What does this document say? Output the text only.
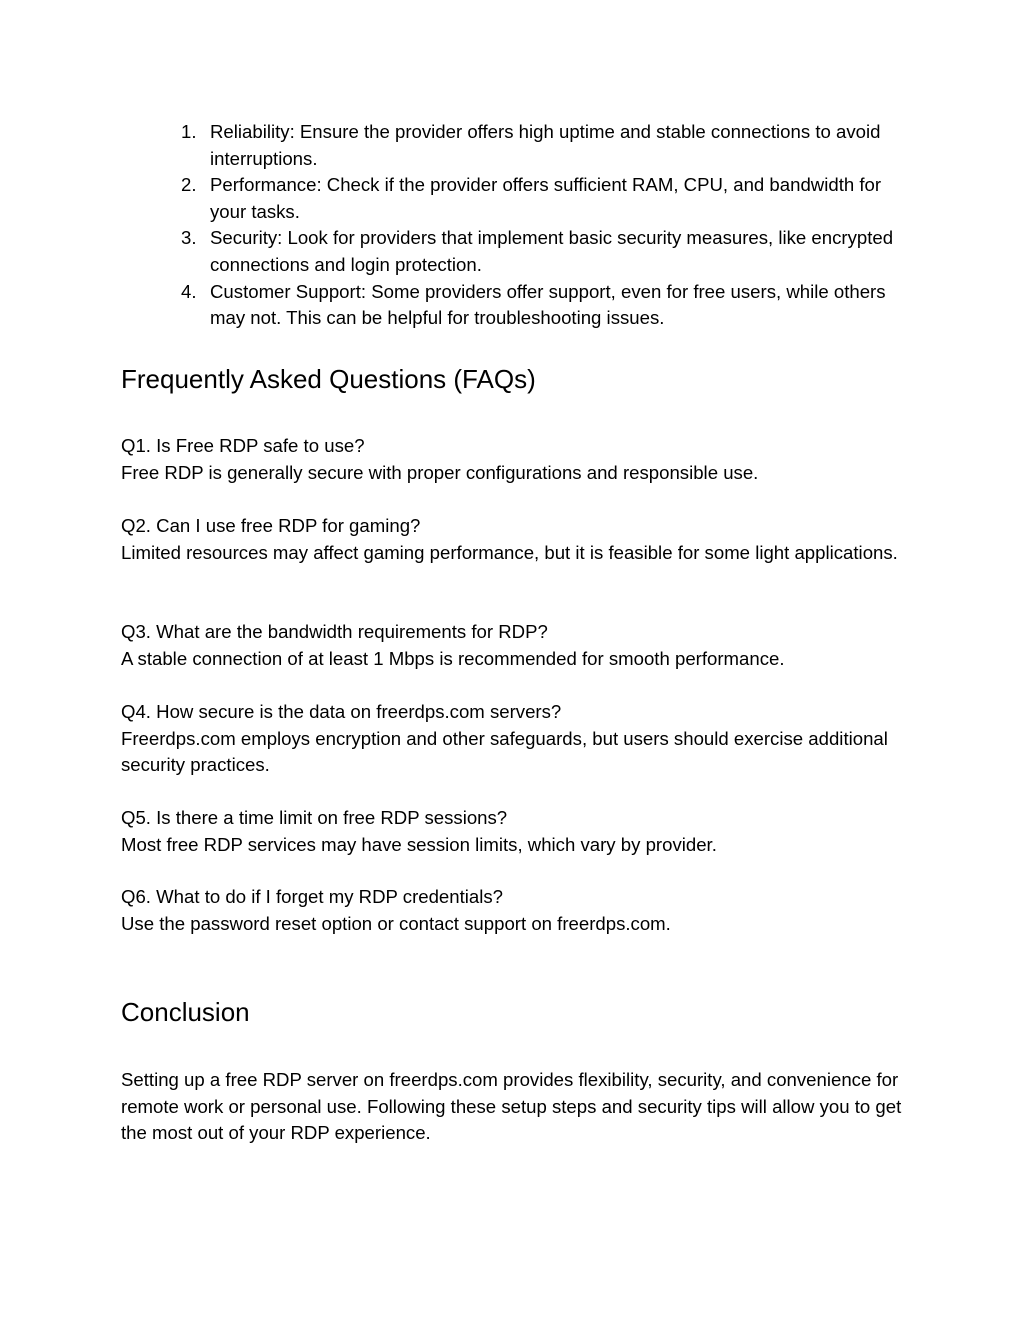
1. Reliability: Ensure the provider offers high uptime and stable connections to avoid interruptions.
2. Performance: Check if the provider offers sufficient RAM, CPU, and bandwidth for your tasks.
3. Security: Look for providers that implement basic security measures, like encrypted connections and login protection.
4. Customer Support: Some providers offer support, even for free users, while others may not. This can be helpful for troubleshooting issues.
Frequently Asked Questions (FAQs)
Q1. Is Free RDP safe to use?
Free RDP is generally secure with proper configurations and responsible use.
Q2. Can I use free RDP for gaming?
Limited resources may affect gaming performance, but it is feasible for some light applications.
Q3. What are the bandwidth requirements for RDP?
A stable connection of at least 1 Mbps is recommended for smooth performance.
Q4. How secure is the data on freerdps.com servers?
Freerdps.com employs encryption and other safeguards, but users should exercise additional security practices.
Q5. Is there a time limit on free RDP sessions?
Most free RDP services may have session limits, which vary by provider.
Q6. What to do if I forget my RDP credentials?
Use the password reset option or contact support on freerdps.com.
Conclusion

Setting up a free RDP server on freerdps.com provides flexibility, security, and convenience for remote work or personal use. Following these setup steps and security tips will allow you to get the most out of your RDP experience.
